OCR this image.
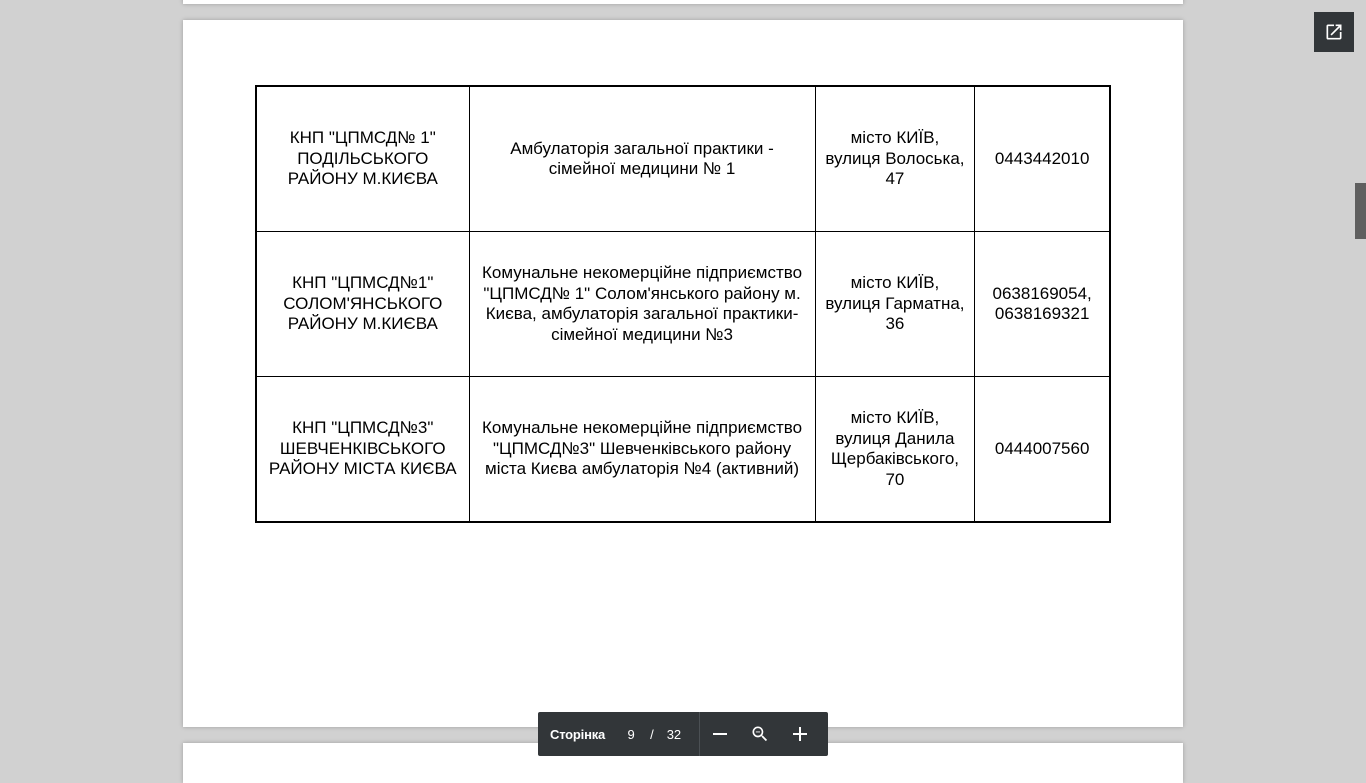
КНП "ЦПМСД№ 1" ПОДІЛЬСЬКОГО РАЙОНУ М.КИЄВА	Амбулаторія загальної практики - сімейної медицини № 1	місто КИЇВ, вулиця Волоська, 47	0443442010
КНП "ЦПМСД№1" СОЛОМ'ЯНСЬКОГО РАЙОНУ М.КИЄВА	Комунальне некомерційне підприємство "ЦПМСД№ 1" Солом'янського району м. Києва, амбулаторія загальної практики-сімейної медицини №3	місто КИЇВ, вулиця Гарматна, 36	0638169054, 0638169321
КНП "ЦПМСД№3" ШЕВЧЕНКІВСЬКОГО РАЙОНУ МІСТА КИЄВА	Комунальне некомерційне підприємство "ЦПМСД№3" Шевченківського району міста Києва амбулаторія №4 (активний)	місто КИЇВ, вулиця Данила Щербаківського, 70	0444007560
Сторінка 9 / 32
